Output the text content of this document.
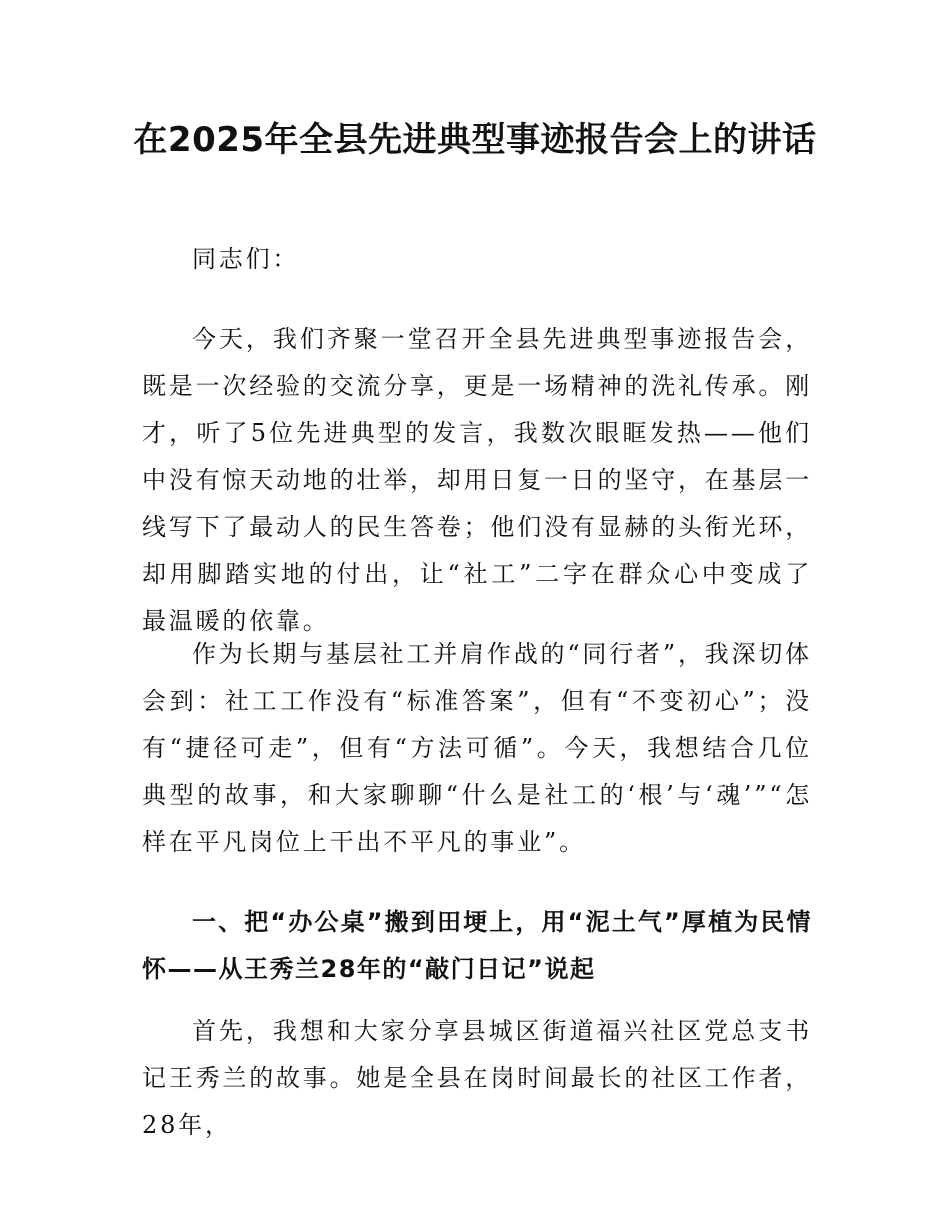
在2025年全县先进典型事迹报告会上的讲话

同志们：

今天，我们齐聚一堂召开全县先进典型事迹报告会，既是一次经验的交流分享，更是一场精神的洗礼传承。刚才，听了5位先进典型的发言，我数次眼眶发热——他们中没有惊天动地的壮举，却用日复一日的坚守，在基层一线写下了最动人的民生答卷；他们没有显赫的头衔光环，却用脚踏实地的付出，让“社工”二字在群众心中变成了最温暖的依靠。

作为长期与基层社工并肩作战的“同行者”，我深切体会到：社工工作没有“标准答案”，但有“不变初心”；没有“捷径可走”，但有“方法可循”。今天，我想结合几位典型的故事，和大家聊聊“什么是社工的‘根’与‘魂’”“怎样在平凡岗位上干出不平凡的事业”。

一、把“办公桌”搬到田埂上，用“泥土气”厚植为民情怀——从王秀兰28年的“敲门日记”说起

首先，我想和大家分享县城区街道福兴社区党总支书记王秀兰的故事。她是全县在岗时间最长的社区工作者，28年，
